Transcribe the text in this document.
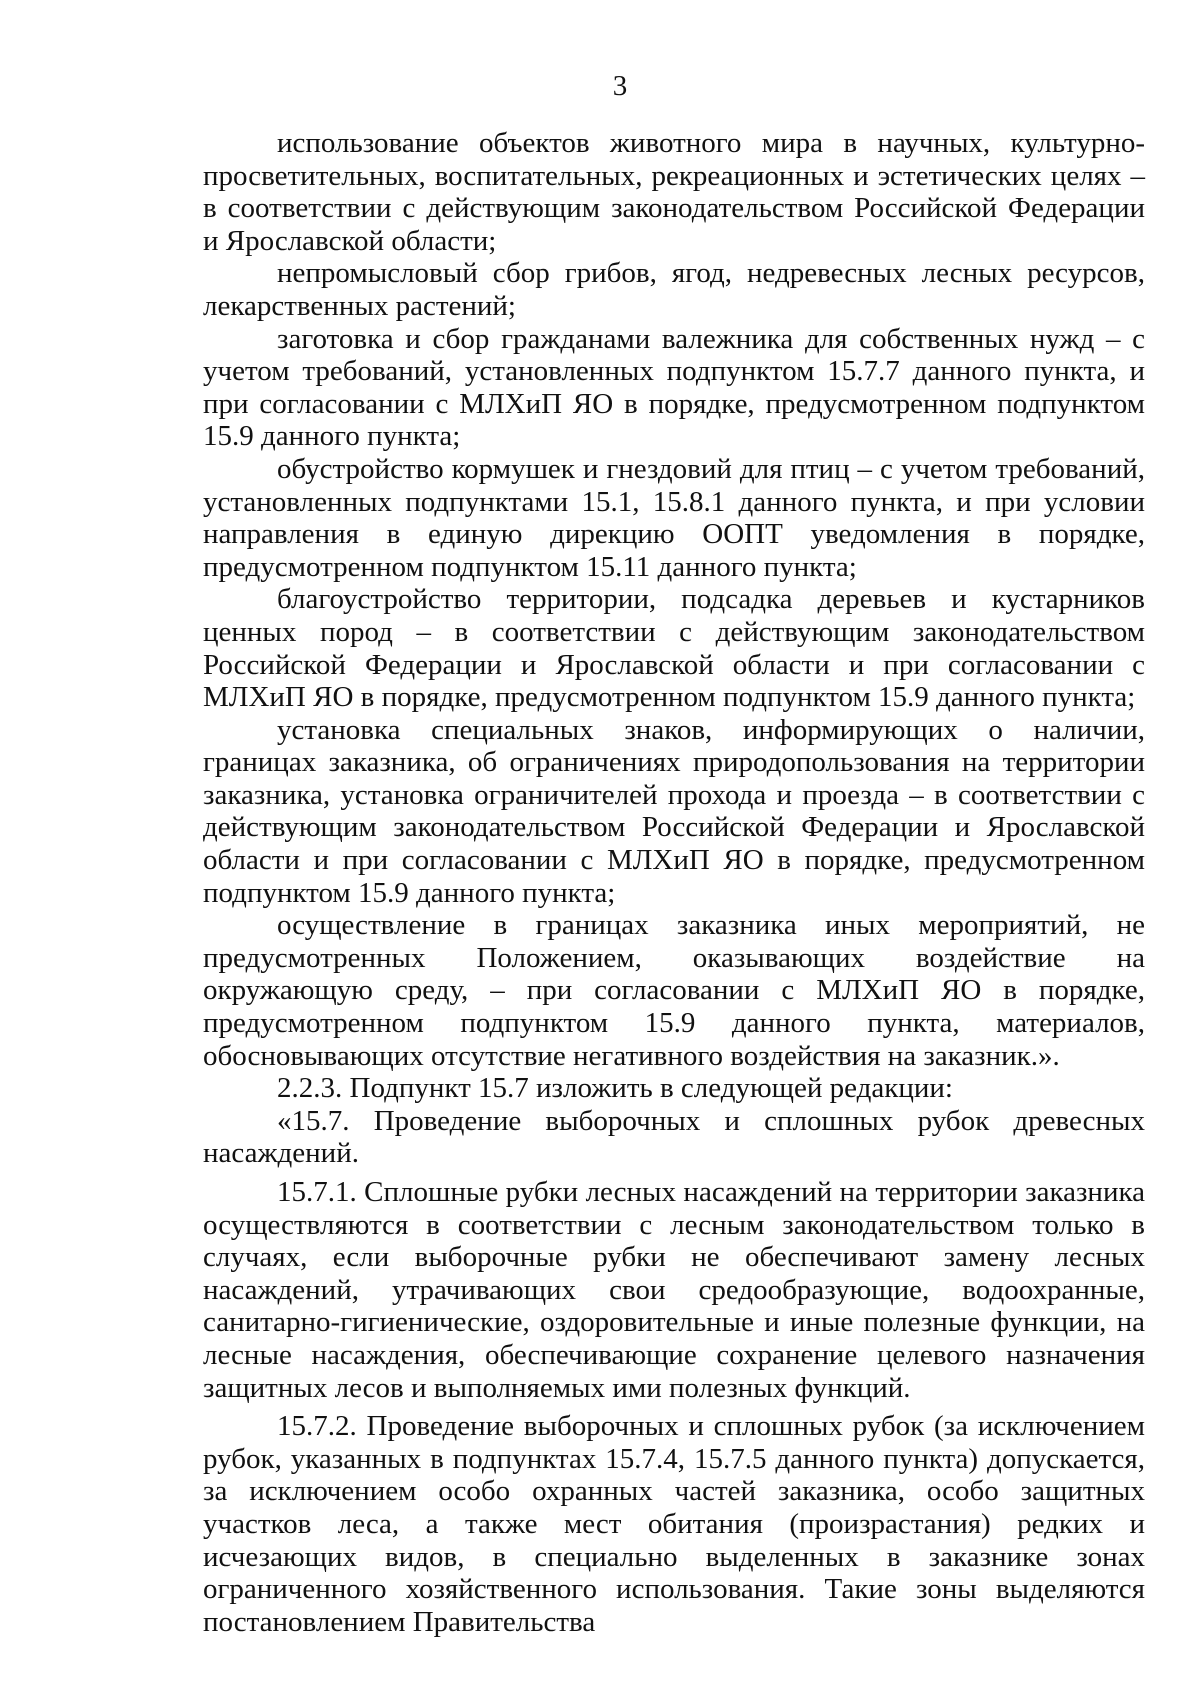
3

использование объектов животного мира в научных, культурно-просветительных, воспитательных, рекреационных и эстетических целях – в соответствии с действующим законодательством Российской Федерации и Ярославской области;

непромысловый сбор грибов, ягод, недревесных лесных ресурсов, лекарственных растений;

заготовка и сбор гражданами валежника для собственных нужд – с учетом требований, установленных подпунктом 15.7.7 данного пункта, и при согласовании с МЛХиП ЯО в порядке, предусмотренном подпунктом 15.9 данного пункта;

обустройство кормушек и гнездовий для птиц – с учетом требований, установленных подпунктами 15.1, 15.8.1 данного пункта, и при условии направления в единую дирекцию ООПТ уведомления в порядке, предусмотренном подпунктом 15.11 данного пункта;

благоустройство территории, подсадка деревьев и кустарников ценных пород – в соответствии с действующим законодательством Российской Федерации и Ярославской области и при согласовании с МЛХиП ЯО в порядке, предусмотренном подпунктом 15.9 данного пункта;

установка специальных знаков, информирующих о наличии, границах заказника, об ограничениях природопользования на территории заказника, установка ограничителей прохода и проезда – в соответствии с действующим законодательством Российской Федерации и Ярославской области и при согласовании с МЛХиП ЯО в порядке, предусмотренном подпунктом 15.9 данного пункта;

осуществление в границах заказника иных мероприятий, не предусмотренных Положением, оказывающих воздействие на окружающую среду, – при согласовании с МЛХиП ЯО в порядке, предусмотренном подпунктом 15.9 данного пункта, материалов, обосновывающих отсутствие негативного воздействия на заказник.».

2.2.3. Подпункт 15.7 изложить в следующей редакции:

«15.7. Проведение выборочных и сплошных рубок древесных насаждений.

15.7.1. Сплошные рубки лесных насаждений на территории заказника осуществляются в соответствии с лесным законодательством только в случаях, если выборочные рубки не обеспечивают замену лесных насаждений, утрачивающих свои средообразующие, водоохранные, санитарно-гигиенические, оздоровительные и иные полезные функции, на лесные насаждения, обеспечивающие сохранение целевого назначения защитных лесов и выполняемых ими полезных функций.

15.7.2. Проведение выборочных и сплошных рубок (за исключением рубок, указанных в подпунктах 15.7.4, 15.7.5 данного пункта) допускается, за исключением особо охранных частей заказника, особо защитных участков леса, а также мест обитания (произрастания) редких и исчезающих видов, в специально выделенных в заказнике зонах ограниченного хозяйственного использования. Такие зоны выделяются постановлением Правительства
